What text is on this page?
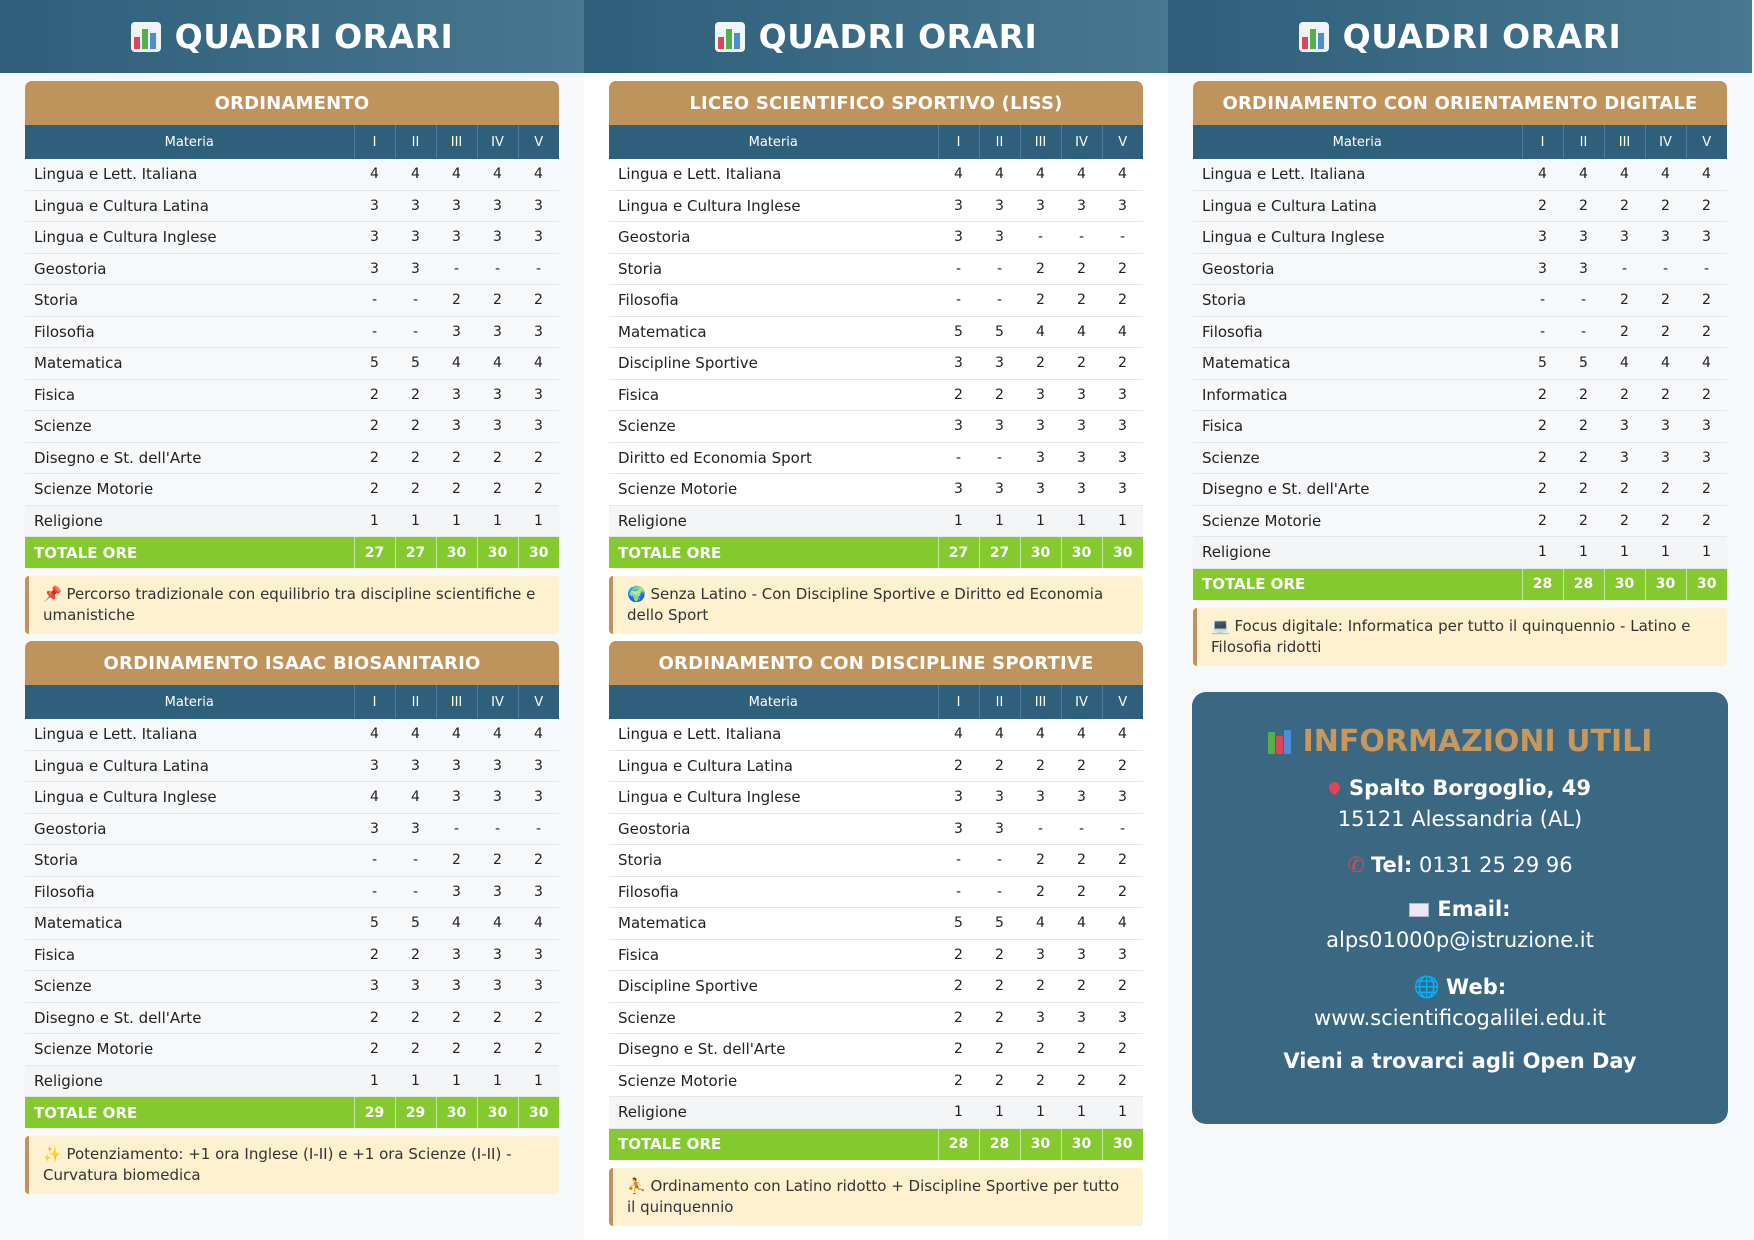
QUADRI ORARI
ORDINAMENTO
Materia	I	II	III	IV	V
Lingua e Lett. Italiana	4	4	4	4	4
Lingua e Cultura Latina	3	3	3	3	3
Lingua e Cultura Inglese	3	3	3	3	3
Geostoria	3	3	-	-	-
Storia	-	-	2	2	2
Filosofia	-	-	3	3	3
Matematica	5	5	4	4	4
Fisica	2	2	3	3	3
Scienze	2	2	3	3	3
Disegno e St. dell'Arte	2	2	2	2	2
Scienze Motorie	2	2	2	2	2
Religione	1	1	1	1	1
TOTALE ORE	27	27	30	30	30
📌 Percorso tradizionale con equilibrio tra discipline scientifiche e umanistiche
ORDINAMENTO ISAAC BIOSANITARIO
Materia	I	II	III	IV	V
Lingua e Lett. Italiana	4	4	4	4	4
Lingua e Cultura Latina	3	3	3	3	3
Lingua e Cultura Inglese	4	4	3	3	3
Geostoria	3	3	-	-	-
Storia	-	-	2	2	2
Filosofia	-	-	3	3	3
Matematica	5	5	4	4	4
Fisica	2	2	3	3	3
Scienze	3	3	3	3	3
Disegno e St. dell'Arte	2	2	2	2	2
Scienze Motorie	2	2	2	2	2
Religione	1	1	1	1	1
TOTALE ORE	29	29	30	30	30
✨ Potenziamento: +1 ora Inglese (I-II) e +1 ora Scienze (I-II) - Curvatura biomedica
QUADRI ORARI
LICEO SCIENTIFICO SPORTIVO (LISS)
Materia	I	II	III	IV	V
Lingua e Lett. Italiana	4	4	4	4	4
Lingua e Cultura Inglese	3	3	3	3	3
Geostoria	3	3	-	-	-
Storia	-	-	2	2	2
Filosofia	-	-	2	2	2
Matematica	5	5	4	4	4
Discipline Sportive	3	3	2	2	2
Fisica	2	2	3	3	3
Scienze	3	3	3	3	3
Diritto ed Economia Sport	-	-	3	3	3
Scienze Motorie	3	3	3	3	3
Religione	1	1	1	1	1
TOTALE ORE	27	27	30	30	30
🌍 Senza Latino - Con Discipline Sportive e Diritto ed Economia dello Sport
ORDINAMENTO CON DISCIPLINE SPORTIVE
Materia	I	II	III	IV	V
Lingua e Lett. Italiana	4	4	4	4	4
Lingua e Cultura Latina	2	2	2	2	2
Lingua e Cultura Inglese	3	3	3	3	3
Geostoria	3	3	-	-	-
Storia	-	-	2	2	2
Filosofia	-	-	2	2	2
Matematica	5	5	4	4	4
Fisica	2	2	3	3	3
Discipline Sportive	2	2	2	2	2
Scienze	2	2	3	3	3
Disegno e St. dell'Arte	2	2	2	2	2
Scienze Motorie	2	2	2	2	2
Religione	1	1	1	1	1
TOTALE ORE	28	28	30	30	30
⛹ Ordinamento con Latino ridotto + Discipline Sportive per tutto il quinquennio
QUADRI ORARI
ORDINAMENTO CON ORIENTAMENTO DIGITALE
Materia	I	II	III	IV	V
Lingua e Lett. Italiana	4	4	4	4	4
Lingua e Cultura Latina	2	2	2	2	2
Lingua e Cultura Inglese	3	3	3	3	3
Geostoria	3	3	-	-	-
Storia	-	-	2	2	2
Filosofia	-	-	2	2	2
Matematica	5	5	4	4	4
Informatica	2	2	2	2	2
Fisica	2	2	3	3	3
Scienze	2	2	3	3	3
Disegno e St. dell'Arte	2	2	2	2	2
Scienze Motorie	2	2	2	2	2
Religione	1	1	1	1	1
TOTALE ORE	28	28	30	30	30
💻 Focus digitale: Informatica per tutto il quinquennio - Latino e Filosofia ridotti
INFORMAZIONI UTILI

Spalto Borgoglio, 49

15121 Alessandria (AL)

✆ Tel: 0131 25 29 96

Email:

alps01000p@istruzione.it

🌐 Web:

www.scientificogalilei.edu.it

Vieni a trovarci agli Open Day
